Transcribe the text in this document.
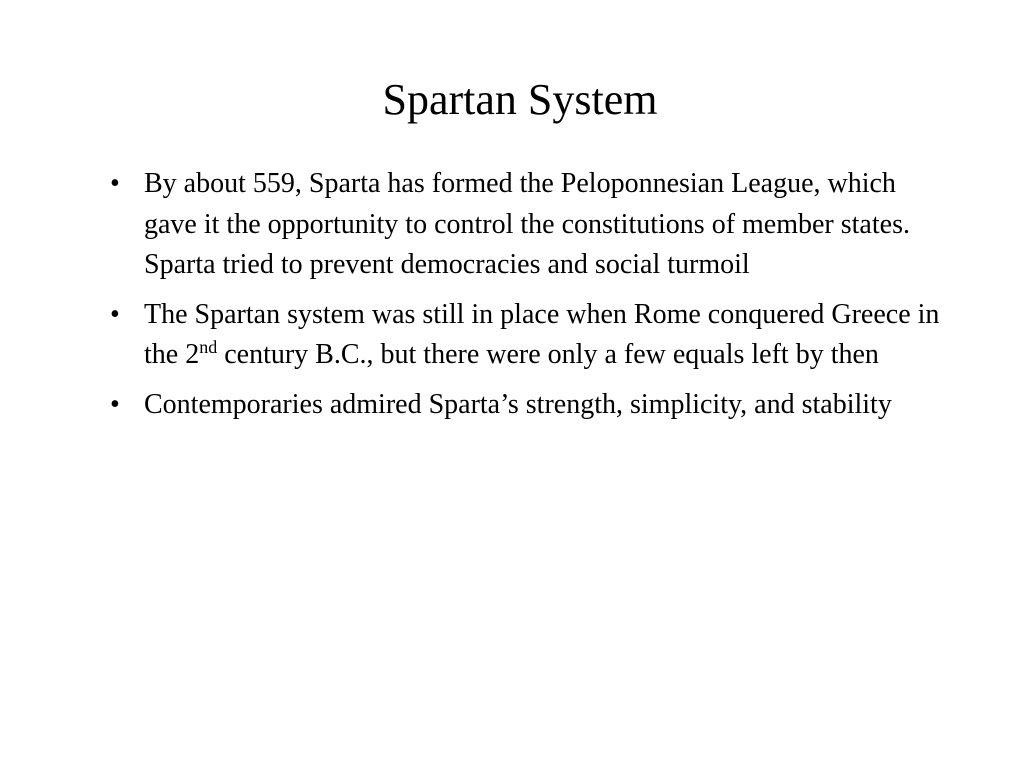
Spartan System
• By about 559, Sparta has formed the Peloponnesian League, which gave it the opportunity to control the constitutions of member states. Sparta tried to prevent democracies and social turmoil
• The Spartan system was still in place when Rome conquered Greece in the 2nd century B.C., but there were only a few equals left by then
• Contemporaries admired Sparta’s strength, simplicity, and stability
